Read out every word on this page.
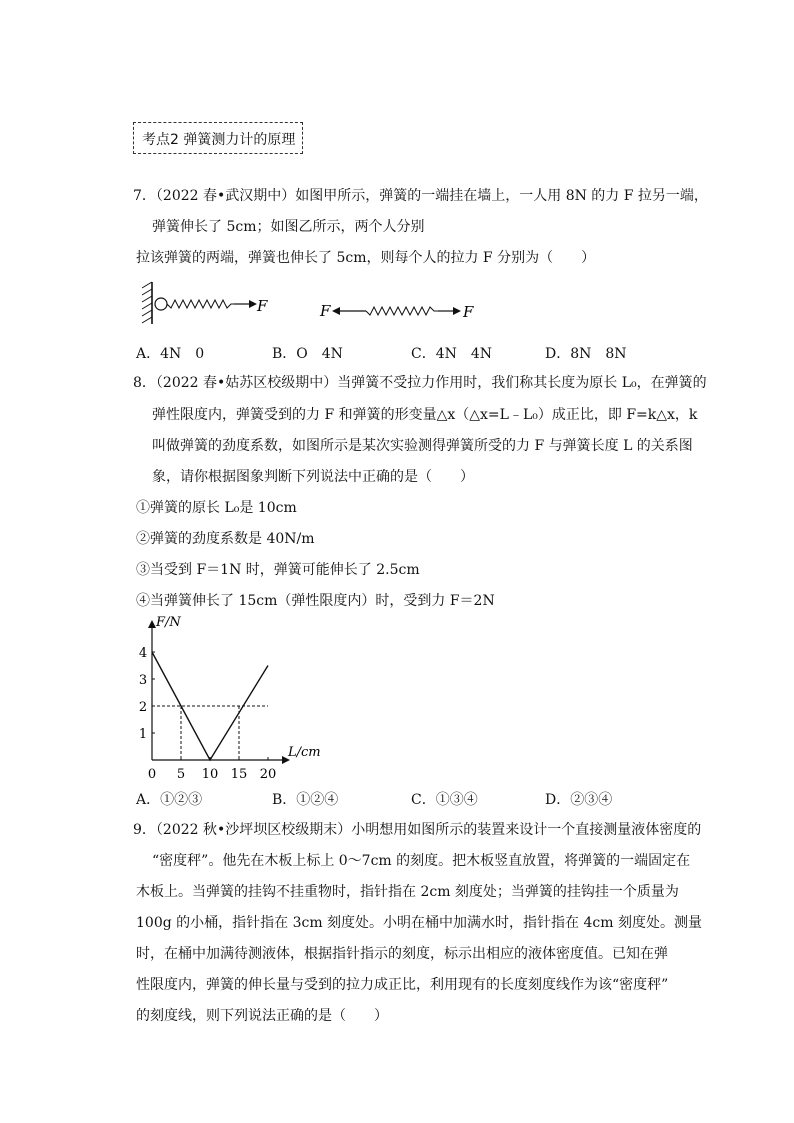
考点2 弹簧测力计的原理
7．（2022 春•武汉期中）如图甲所示，弹簧的一端挂在墙上，一人用 8N 的力 F 拉另一端，
弹簧伸长了 5cm；如图乙所示，两个人分别
拉该弹簧的两端，弹簧也伸长了 5cm，则每个人的拉力 F 分别为（　　）
F	F	F
A．4N　0	B．O　4N	C．4N　4N	D．8N　8N
8．（2022 春•姑苏区校级期中）当弹簧不受拉力作用时，我们称其长度为原长 L₀，在弹簧的
弹性限度内，弹簧受到的力 F 和弹簧的形变量△x（△x=L﹣L₀）成正比，即 F=k△x，k
叫做弹簧的劲度系数，如图所示是某次实验测得弹簧所受的力 F 与弹簧长度 L 的关系图
象，请你根据图象判断下列说法中正确的是（　　）
①弹簧的原长 L₀是 10cm
②弹簧的劲度系数是 40N/m
③当受到 F＝1N 时，弹簧可能伸长了 2.5cm
④当弹簧伸长了 15cm（弹性限度内）时，受到力 F＝2N
F/N
L/cm
0 5 10 15 20
1
2
3
4
A．①②③	B．①②④	C．①③④	D．②③④
9．（2022 秋•沙坪坝区校级期末）小明想用如图所示的装置来设计一个直接测量液体密度的
“密度秤”。他先在木板上标上 0～7cm 的刻度。把木板竖直放置，将弹簧的一端固定在
木板上。当弹簧的挂钩不挂重物时，指针指在 2cm 刻度处；当弹簧的挂钩挂一个质量为
100g 的小桶，指针指在 3cm 刻度处。小明在桶中加满水时，指针指在 4cm 刻度处。测量
时，在桶中加满待测液体，根据指针指示的刻度，标示出相应的液体密度值。已知在弹
性限度内，弹簧的伸长量与受到的拉力成正比，利用现有的长度刻度线作为该“密度秤”
的刻度线，则下列说法正确的是（　　）
